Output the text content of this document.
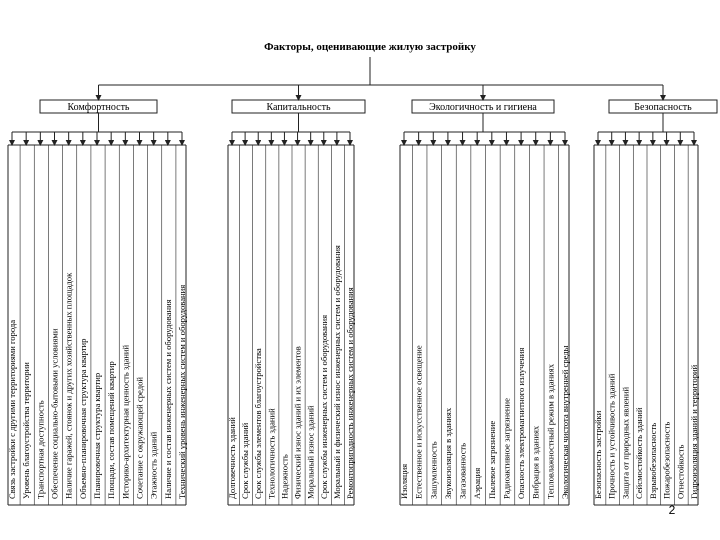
Факторы, оценивающие жилую застройку
Комфортность
Связь застройки с другими территориями города Уровень благоустройства территории Транспортная доступность Обеспечение социально-бытовыми условиями Наличие гаражей, стоянок и других хозяйственных площадок Объемно-планировочная структура квартир Планировочная структура квартир Площади, состав помещений квартир Историко-архитектурная ценность зданий Сочетание с окружающей средой Этажность зданий Наличие и состав инженерных систем и оборудования Технический уровень инженерных систем и оборудования
Капитальность
Долговечность зданий Срок службы зданий Срок службы элементов благоустройства Технологичность зданий Надежность Физический износ зданий и их элементов Моральный износ зданий Срок службы инженерных систем и оборудования Моральный и физический износ инженерных систем и оборудования Ремонтопригодность инженерных систем и оборудования
Экологичность и гигиена
Изоляция Естественное и искусственное освещение Зашумленность Звукоизоляция в зданиях Загазованность Аэрация Пылевое загрязнение Радиоактивное загрязнение Опасность электромагнитного излучения Вибрация в зданиях Тепловлажностный режим в зданиях Экологическая чистота внутренней среды
Безопасность
Безопасность застройки Прочность и устойчивость зданий Защита от природных явлений Сейсмостойкость зданий Взрывобезопасность Пожаробезопасность Огнестойкость Гидроизоляция зданий и территорий
2
